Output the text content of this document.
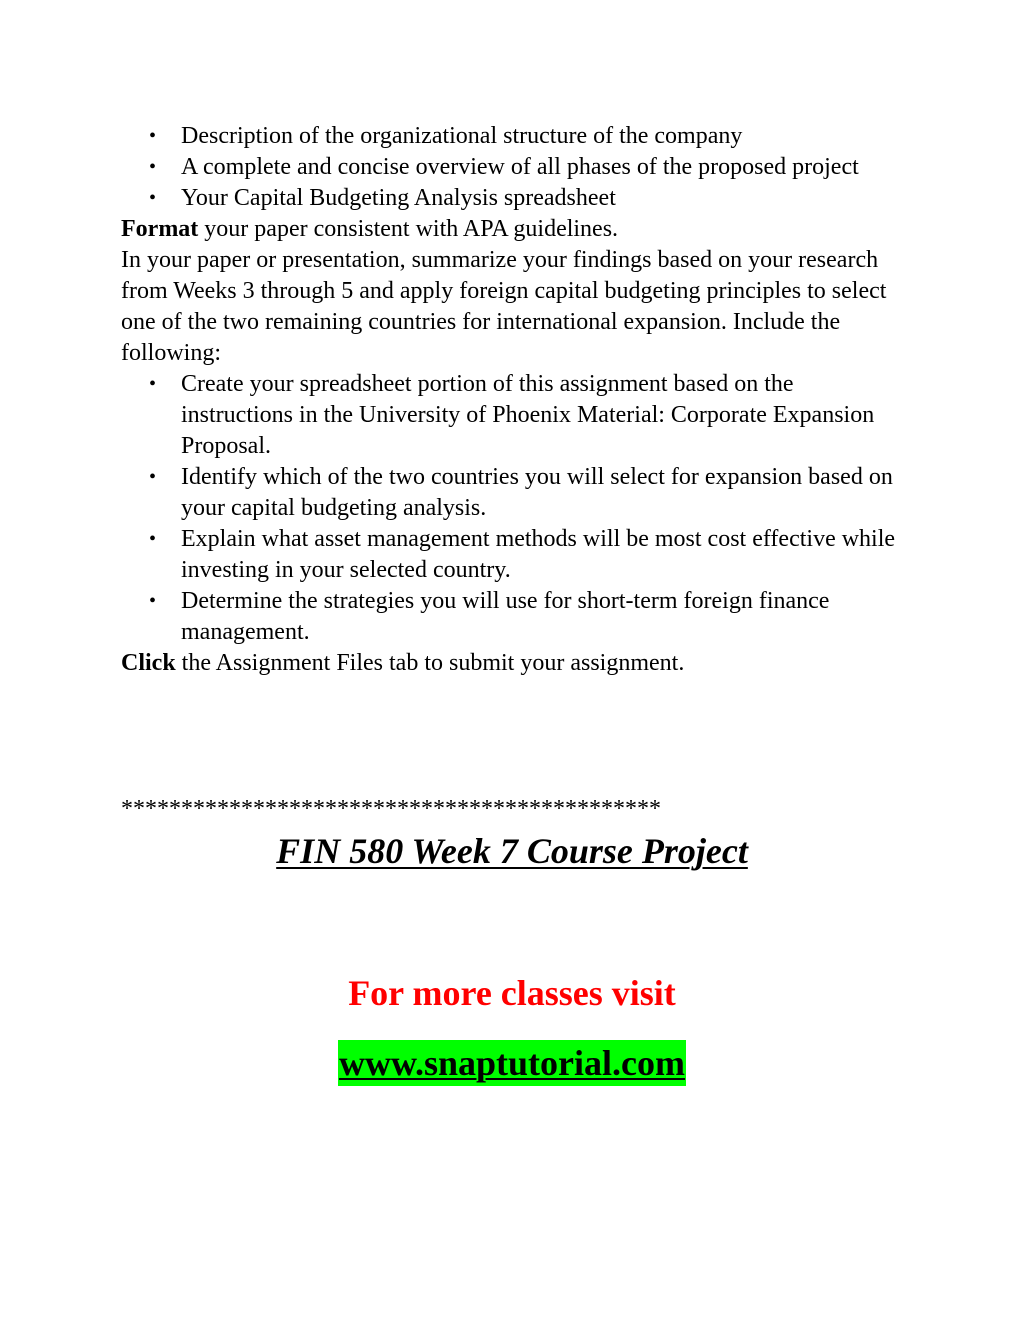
• Description of the organizational structure of the company
• A complete and concise overview of all phases of the proposed project
• Your Capital Budgeting Analysis spreadsheet

Format your paper consistent with APA guidelines.

In your paper or presentation, summarize your findings based on your research from Weeks 3 through 5 and apply foreign capital budgeting principles to select one of the two remaining countries for international expansion. Include the following:

• Create your spreadsheet portion of this assignment based on the instructions in the University of Phoenix Material: Corporate Expansion Proposal.
• Identify which of the two countries you will select for expansion based on your capital budgeting analysis.
• Explain what asset management methods will be most cost effective while investing in your selected country.
• Determine the strategies you will use for short-term foreign finance management.

Click the Assignment Files tab to submit your assignment.

*********************************************
FIN 580 Week 7 Course Project
For more classes visit
www.snaptutorial.com
